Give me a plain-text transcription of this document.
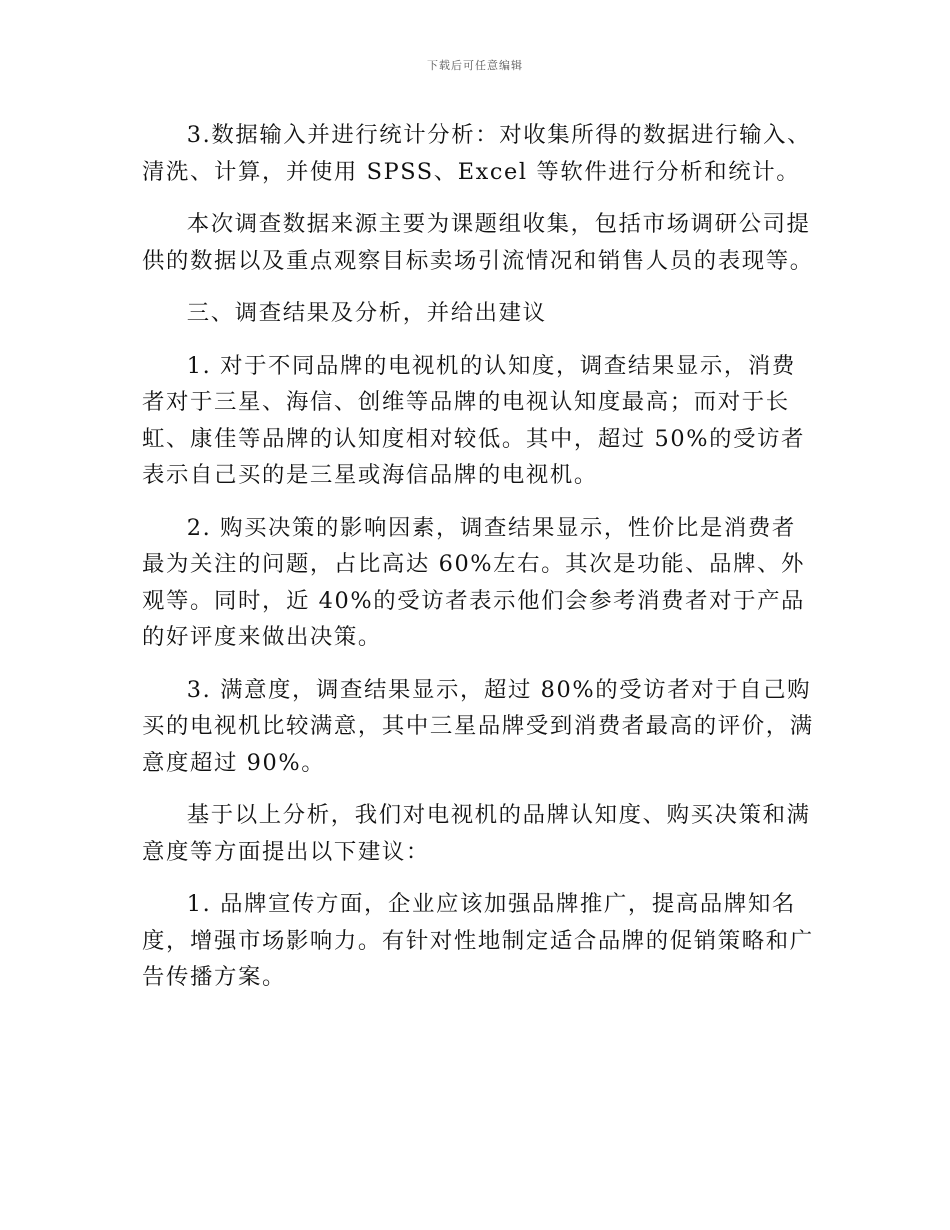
下载后可任意编辑

3.数据输入并进行统计分析：对收集所得的数据进行输入、清洗、计算，并使用 SPSS、Excel 等软件进行分析和统计。

本次调查数据来源主要为课题组收集，包括市场调研公司提供的数据以及重点观察目标卖场引流情况和销售人员的表现等。

三、调查结果及分析，并给出建议

1. 对于不同品牌的电视机的认知度，调查结果显示，消费者对于三星、海信、创维等品牌的电视认知度最高；而对于长虹、康佳等品牌的认知度相对较低。其中，超过 50%的受访者表示自己买的是三星或海信品牌的电视机。

2. 购买决策的影响因素，调查结果显示，性价比是消费者最为关注的问题，占比高达 60%左右。其次是功能、品牌、外观等。同时，近 40%的受访者表示他们会参考消费者对于产品的好评度来做出决策。

3. 满意度，调查结果显示，超过 80%的受访者对于自己购买的电视机比较满意，其中三星品牌受到消费者最高的评价，满意度超过 90%。

基于以上分析，我们对电视机的品牌认知度、购买决策和满意度等方面提出以下建议：

1. 品牌宣传方面，企业应该加强品牌推广，提高品牌知名度，增强市场影响力。有针对性地制定适合品牌的促销策略和广告传播方案。
